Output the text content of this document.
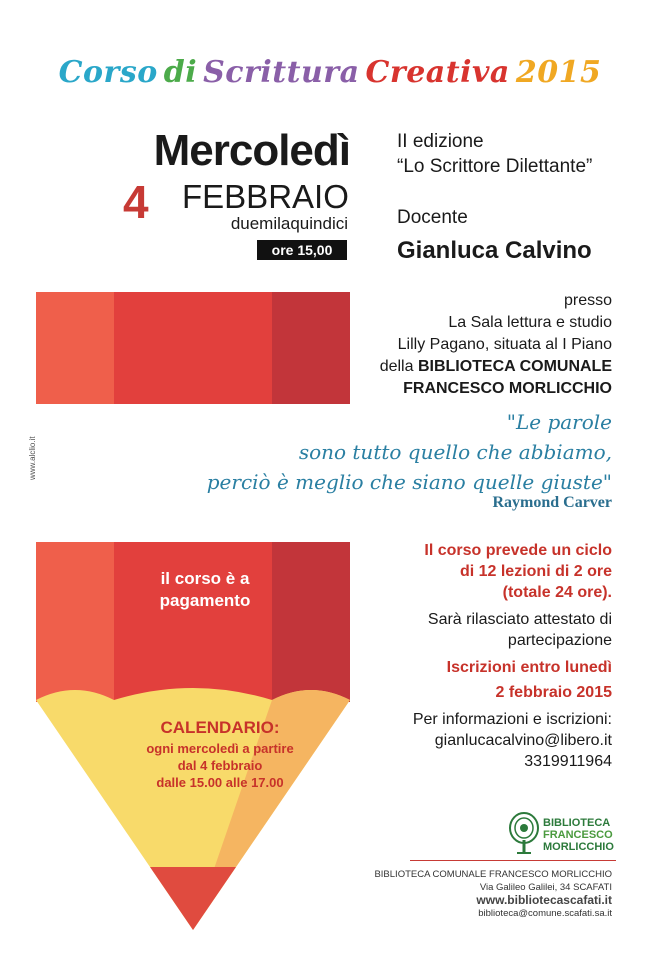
Corso di Scrittura Creativa 2015
Mercoledì
4 FEBBRAIO
duemilaquindici
ore 15,00
II edizione
“Lo Scrittore Dilettante”
Docente
Gianluca Calvino
il corso è a
pagamento
CALENDARIO:
ogni mercoledì a partire
dal 4 febbraio
dalle 15.00 alle 17.00
presso
La Sala lettura e studio
Lilly Pagano, situata al I Piano
della BIBLIOTECA COMUNALE
FRANCESCO MORLICCHIO
"Le parole
sono tutto quello che abbiamo,
perciò è meglio che siano quelle giuste"
Raymond Carver
Il corso prevede un ciclo
di 12 lezioni di 2 ore
(totale 24 ore).
Sarà rilasciato attestato di
partecipazione
Iscrizioni entro lunedì
2 febbraio 2015
Per informazioni e iscrizioni:
gianlucacalvino@libero.it
3319911964
BIBLIOTECA
FRANCESCO
MORLICCHIO
BIBLIOTECA COMUNALE FRANCESCO MORLICCHIO
Via Galileo Galilei, 34 SCAFATI
www.bibliotecascafati.it
biblioteca@comune.scafati.sa.it
www.alclio.it
